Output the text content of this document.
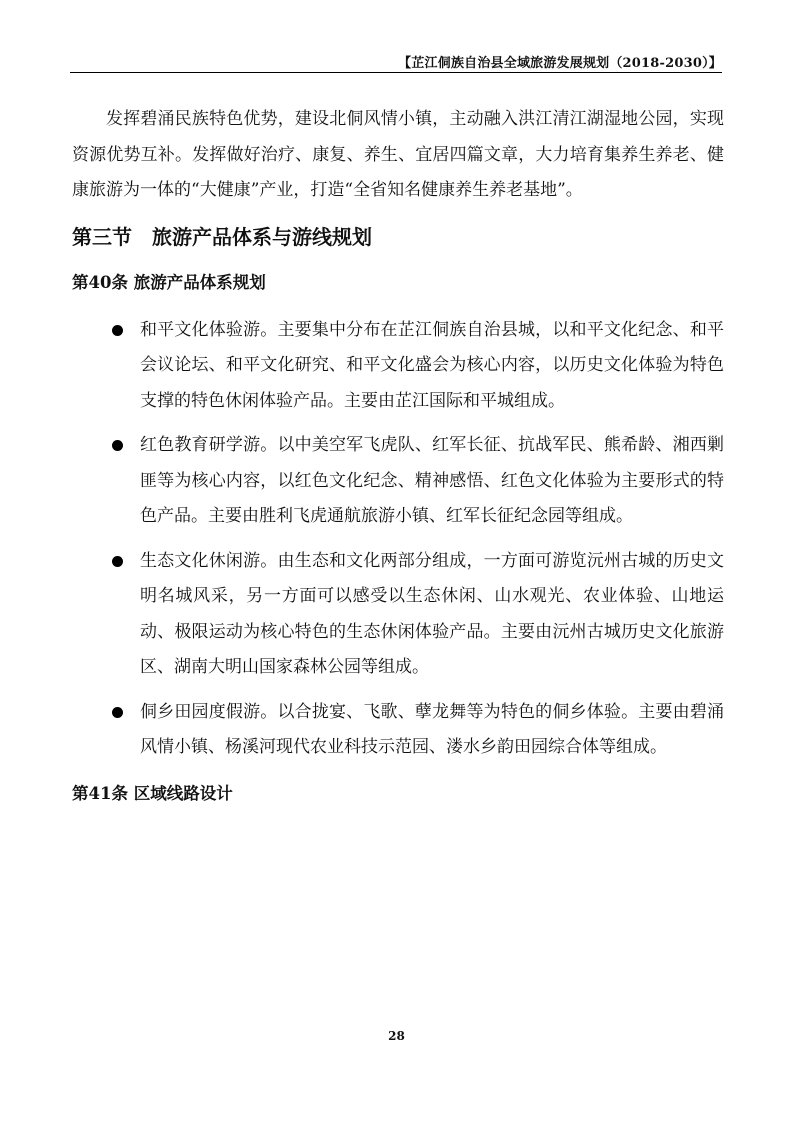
【芷江侗族自治县全域旅游发展规划（2018-2030）】

发挥碧涌民族特色优势，建设北侗风情小镇，主动融入洪江清江湖湿地公园，实现资源优势互补。发挥做好治疗、康复、养生、宜居四篇文章，大力培育集养生养老、健康旅游为一体的“大健康”产业，打造“全省知名健康养生养老基地”。

第三节　旅游产品体系与游线规划
第40条 旅游产品体系规划
和平文化体验游。主要集中分布在芷江侗族自治县城，以和平文化纪念、和平会议论坛、和平文化研究、和平文化盛会为核心内容，以历史文化体验为特色支撑的特色休闲体验产品。主要由芷江国际和平城组成。
红色教育研学游。以中美空军飞虎队、红军长征、抗战军民、熊希龄、湘西剿匪等为核心内容，以红色文化纪念、精神感悟、红色文化体验为主要形式的特色产品。主要由胜利飞虎通航旅游小镇、红军长征纪念园等组成。
生态文化休闲游。由生态和文化两部分组成，一方面可游览沅州古城的历史文明名城风采，另一方面可以感受以生态休闲、山水观光、农业体验、山地运动、极限运动为核心特色的生态休闲体验产品。主要由沅州古城历史文化旅游区、湖南大明山国家森林公园等组成。
侗乡田园度假游。以合拢宴、飞歌、孽龙舞等为特色的侗乡体验。主要由碧涌风情小镇、杨溪河现代农业科技示范园、溇水乡韵田园综合体等组成。
第41条 区域线路设计
28
